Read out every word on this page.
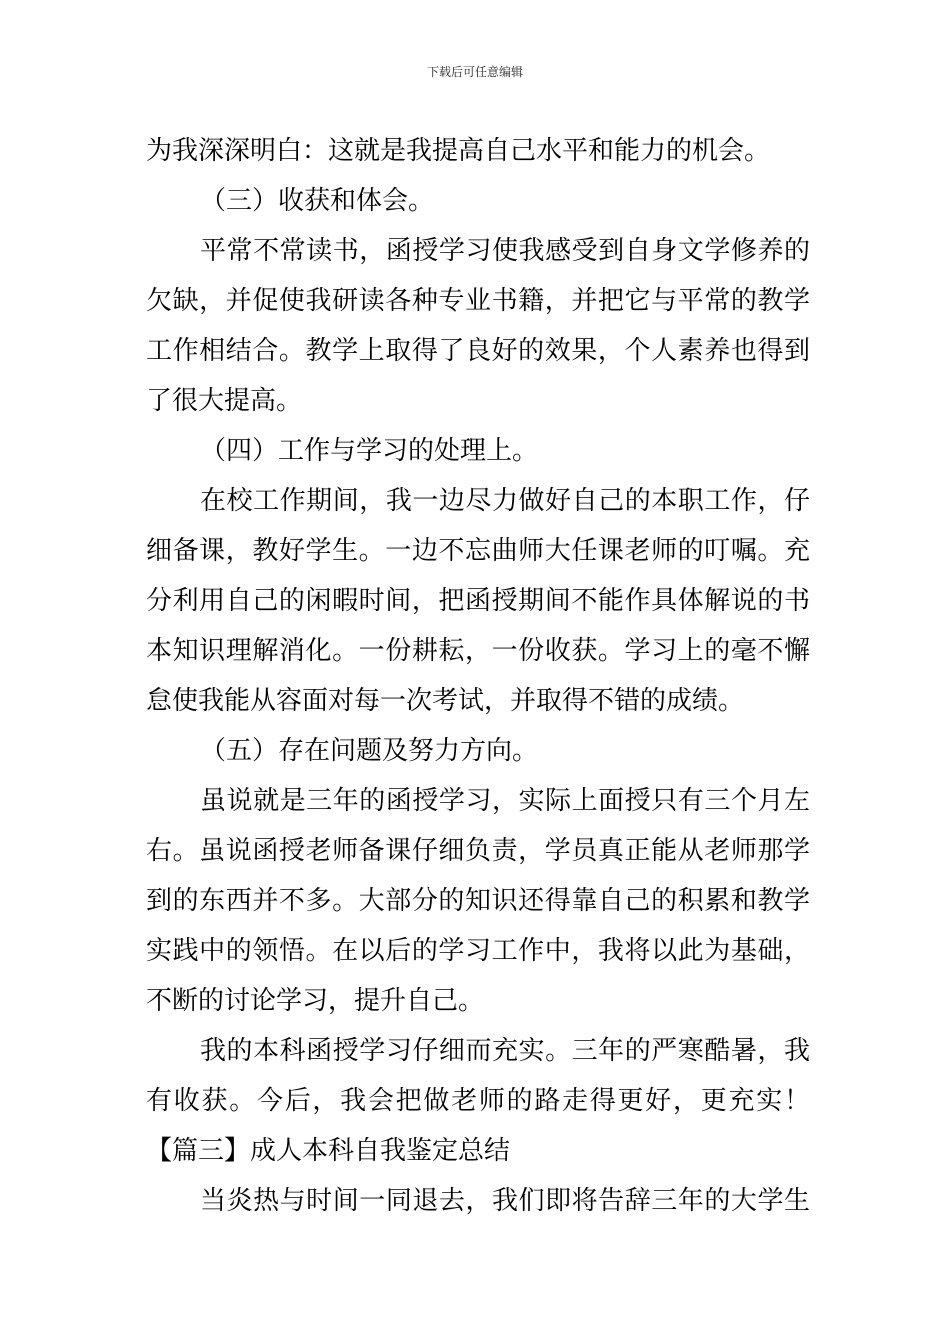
下载后可任意编辑
为我深深明白：这就是我提高自己水平和能力的机会。
（三）收获和体会。
平常不常读书，函授学习使我感受到自身文学修养的
欠缺，并促使我研读各种专业书籍，并把它与平常的教学
工作相结合。教学上取得了良好的效果，个人素养也得到
了很大提高。
（四）工作与学习的处理上。
在校工作期间，我一边尽力做好自己的本职工作，仔
细备课，教好学生。一边不忘曲师大任课老师的叮嘱。充
分利用自己的闲暇时间，把函授期间不能作具体解说的书
本知识理解消化。一份耕耘，一份收获。学习上的毫不懈
怠使我能从容面对每一次考试，并取得不错的成绩。
（五）存在问题及努力方向。
虽说就是三年的函授学习，实际上面授只有三个月左
右。虽说函授老师备课仔细负责，学员真正能从老师那学
到的东西并不多。大部分的知识还得靠自己的积累和教学
实践中的领悟。在以后的学习工作中，我将以此为基础，
不断的讨论学习，提升自己。
我的本科函授学习仔细而充实。三年的严寒酷暑，我
有收获。今后，我会把做老师的路走得更好，更充实！
【篇三】成人本科自我鉴定总结
当炎热与时间一同退去，我们即将告辞三年的大学生
